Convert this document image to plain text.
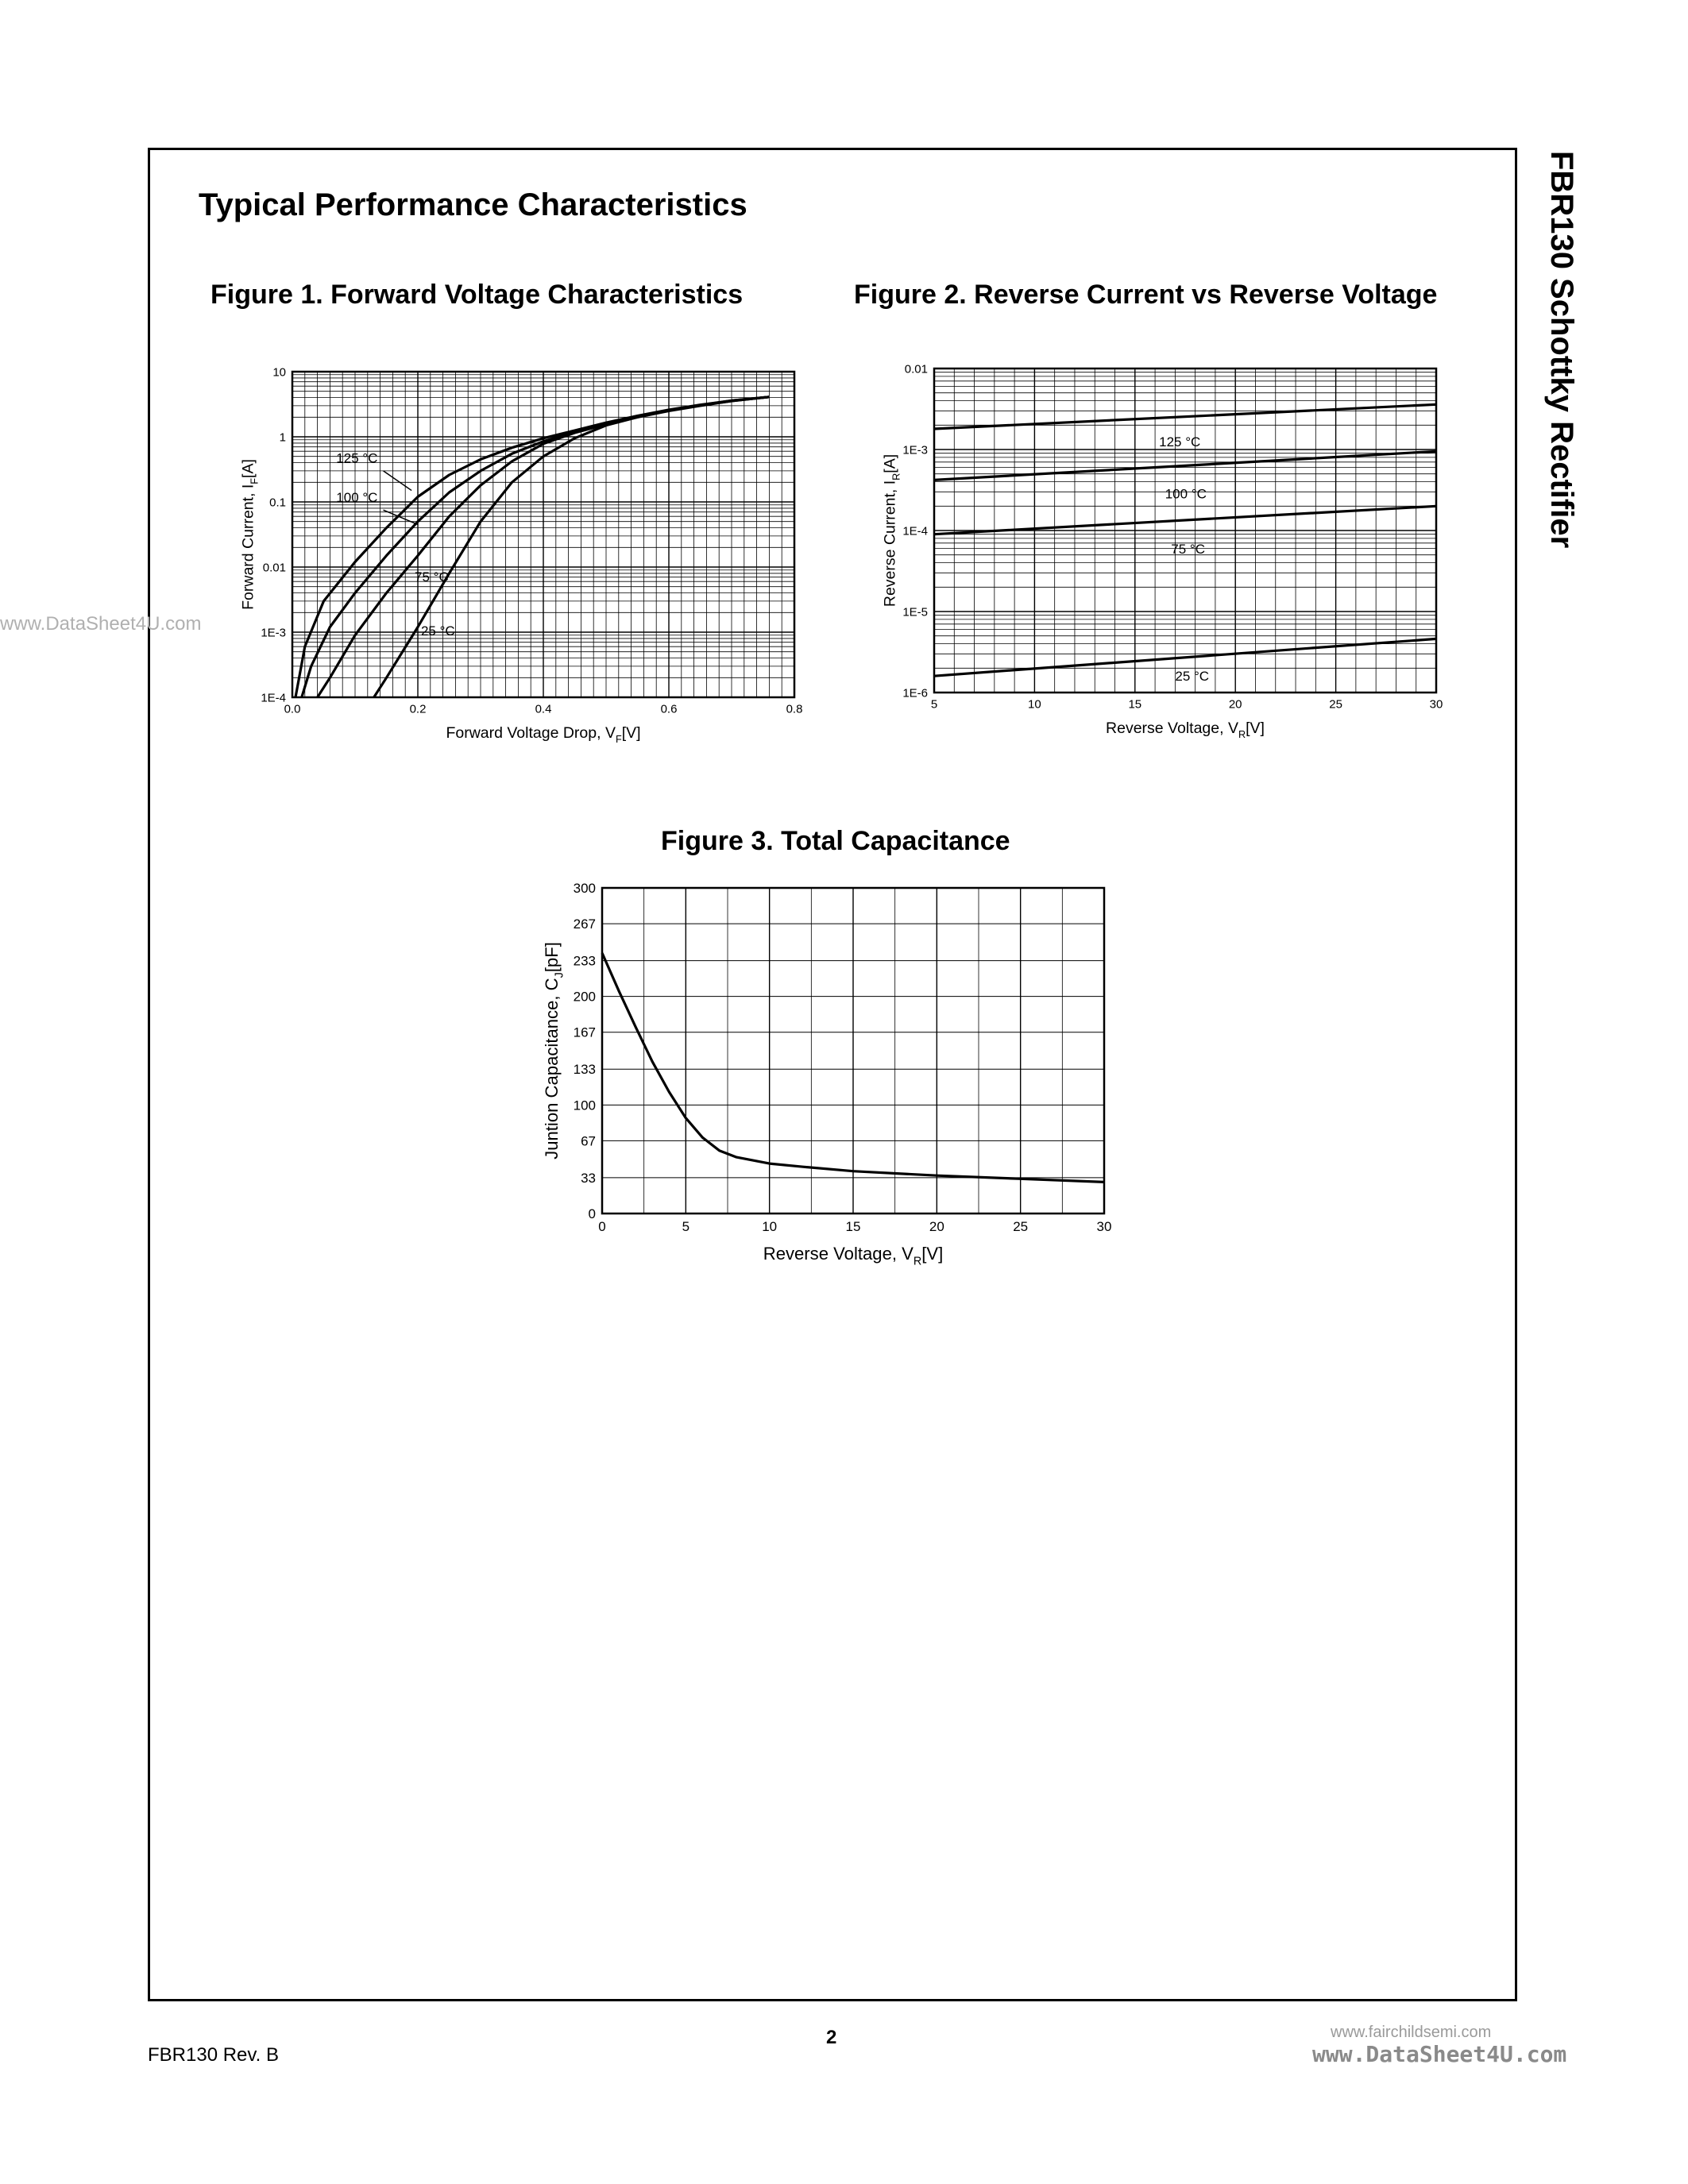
FBR130 Schottky Rectifier
Typical Performance Characteristics
Figure 1. Forward Voltage Characteristics	Figure 2. Reverse Current vs Reverse Voltage
Figure 3. Total Capacitance
0.0	0.2	0.4	0.6	0.8
1E-4
1E-3
0.01
0.1
1
10
Forward Voltage Drop, $V_F[V]$
Forward Current, $I_F[A]$
125 °C
100 °C
75 °C
25 °C
5	10	15	20	25	30
1E-6
1E-5
1E-4
1E-3
0.01
Reverse Voltage, $V_R[V]$
Reverse Current, $I_R[A]$
125 °C
100 °C
75 °C
25 °C
0	5	10	15	20	25	30
0
33
67
100
133
167
200
233
267
300
Reverse Voltage, $V_R[V]$
Juntion Capacitance, $C_J[pF]$
www.DataSheet4U.com
FBR130 Rev. B
2	www.fairchildsemi.com
www.DataSheet4U.com
